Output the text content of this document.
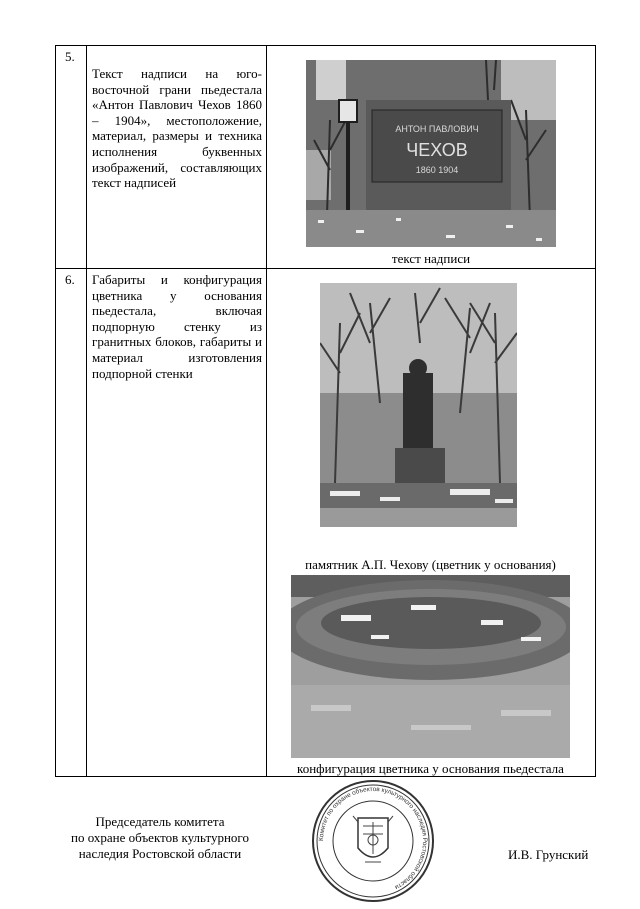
5.
Текст надписи на юго-восточной грани пьедестала «Антон Павлович Чехов 1860 – 1904», местоположение, материал, размеры и техника исполнения буквенных изображений, составляющих текст надписей
АНТОН ПАВЛОВИЧ
ЧЕХОВ
1860 1904
текст надписи
6. Габариты и конфигурация цветника у основания пьедестала, включая подпорную стенку из гранитных блоков, габариты и материал изготовления подпорной стенки
памятник А.П. Чехову (цветник у основания)
конфигурация цветника у основания пьедестала
Председатель комитета
по охране объектов культурного
наследия Ростовской области
Комитет по охране объектов культурного наследия Ростовской области
И.В. Грунский
